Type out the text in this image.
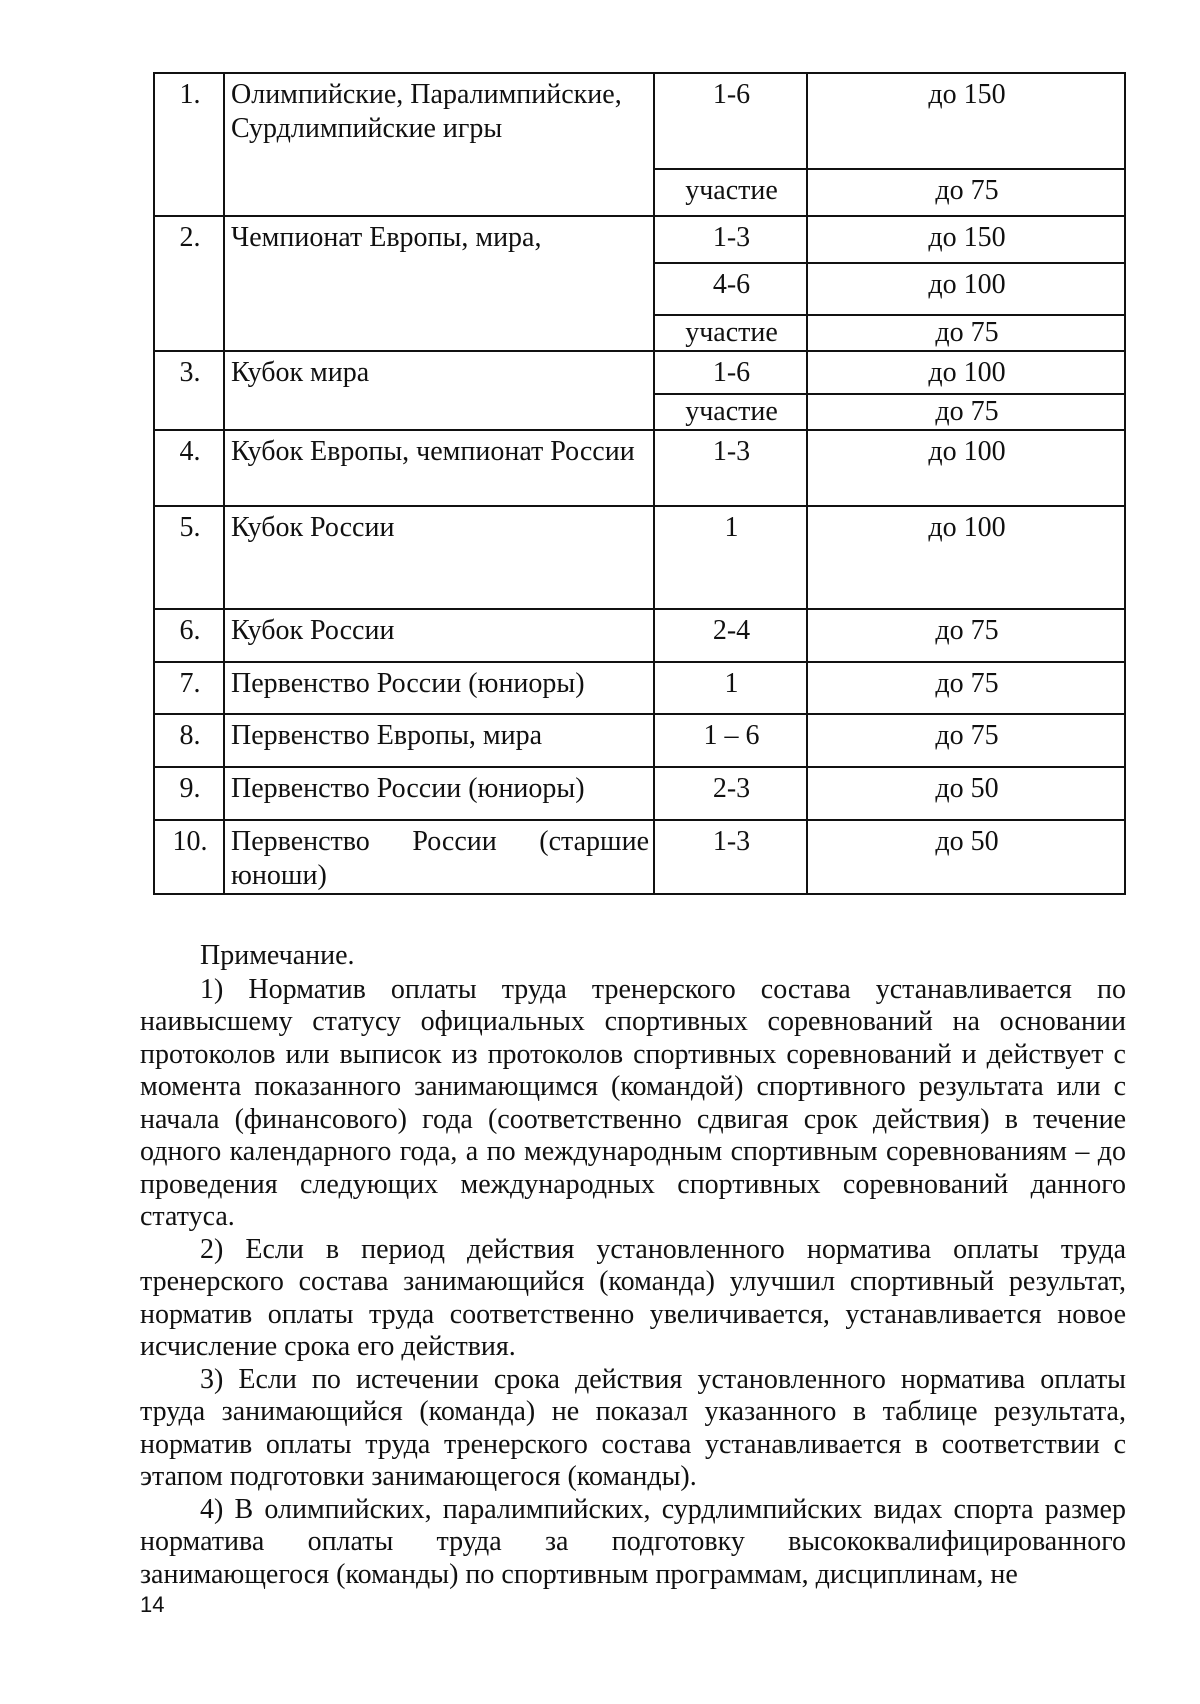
1.	Олимпийские, Паралимпийские, Сурдлимпийские игры	1-6	до 150
		участие	до 75
2.	Чемпионат Европы, мира,	1-3	до 150
		4-6	до 100
		участие	до 75
3.	Кубок мира	1-6	до 100
		участие	до 75
4.	Кубок Европы, чемпионат России	1-3	до 100
5.	Кубок России	1	до 100
6.	Кубок России	2-4	до 75
7.	Первенство России (юниоры)	1	до 75
8.	Первенство Европы, мира	1 – 6	до 75
9.	Первенство России (юниоры)	2-3	до 50
10.	Первенство России (старшие юноши)	1-3	до 50
Примечание.

1) Норматив оплаты труда тренерского состава устанавливается по наивысшему статусу официальных спортивных соревнований на основании протоколов или выписок из протоколов спортивных соревнований и действует с момента показанного занимающимся (командой) спортивного результата или с начала (финансового) года (соответственно сдвигая срок действия) в течение одного календарного года, а по международным спортивным соревнованиям – до проведения следующих международных спортивных соревнований данного статуса.

2) Если в период действия установленного норматива оплаты труда тренерского состава занимающийся (команда) улучшил спортивный результат, норматив оплаты труда соответственно увеличивается, устанавливается новое исчисление срока его действия.

3) Если по истечении срока действия установленного норматива оплаты труда занимающийся (команда) не показал указанного в таблице результата, норматив оплаты труда тренерского состава устанавливается в соответствии с этапом подготовки занимающегося (команды).

4) В олимпийских, паралимпийских, сурдлимпийских видах спорта размер норматива оплаты труда за подготовку высококвалифицированного занимающегося (команды) по спортивным программам, дисциплинам, не

14
